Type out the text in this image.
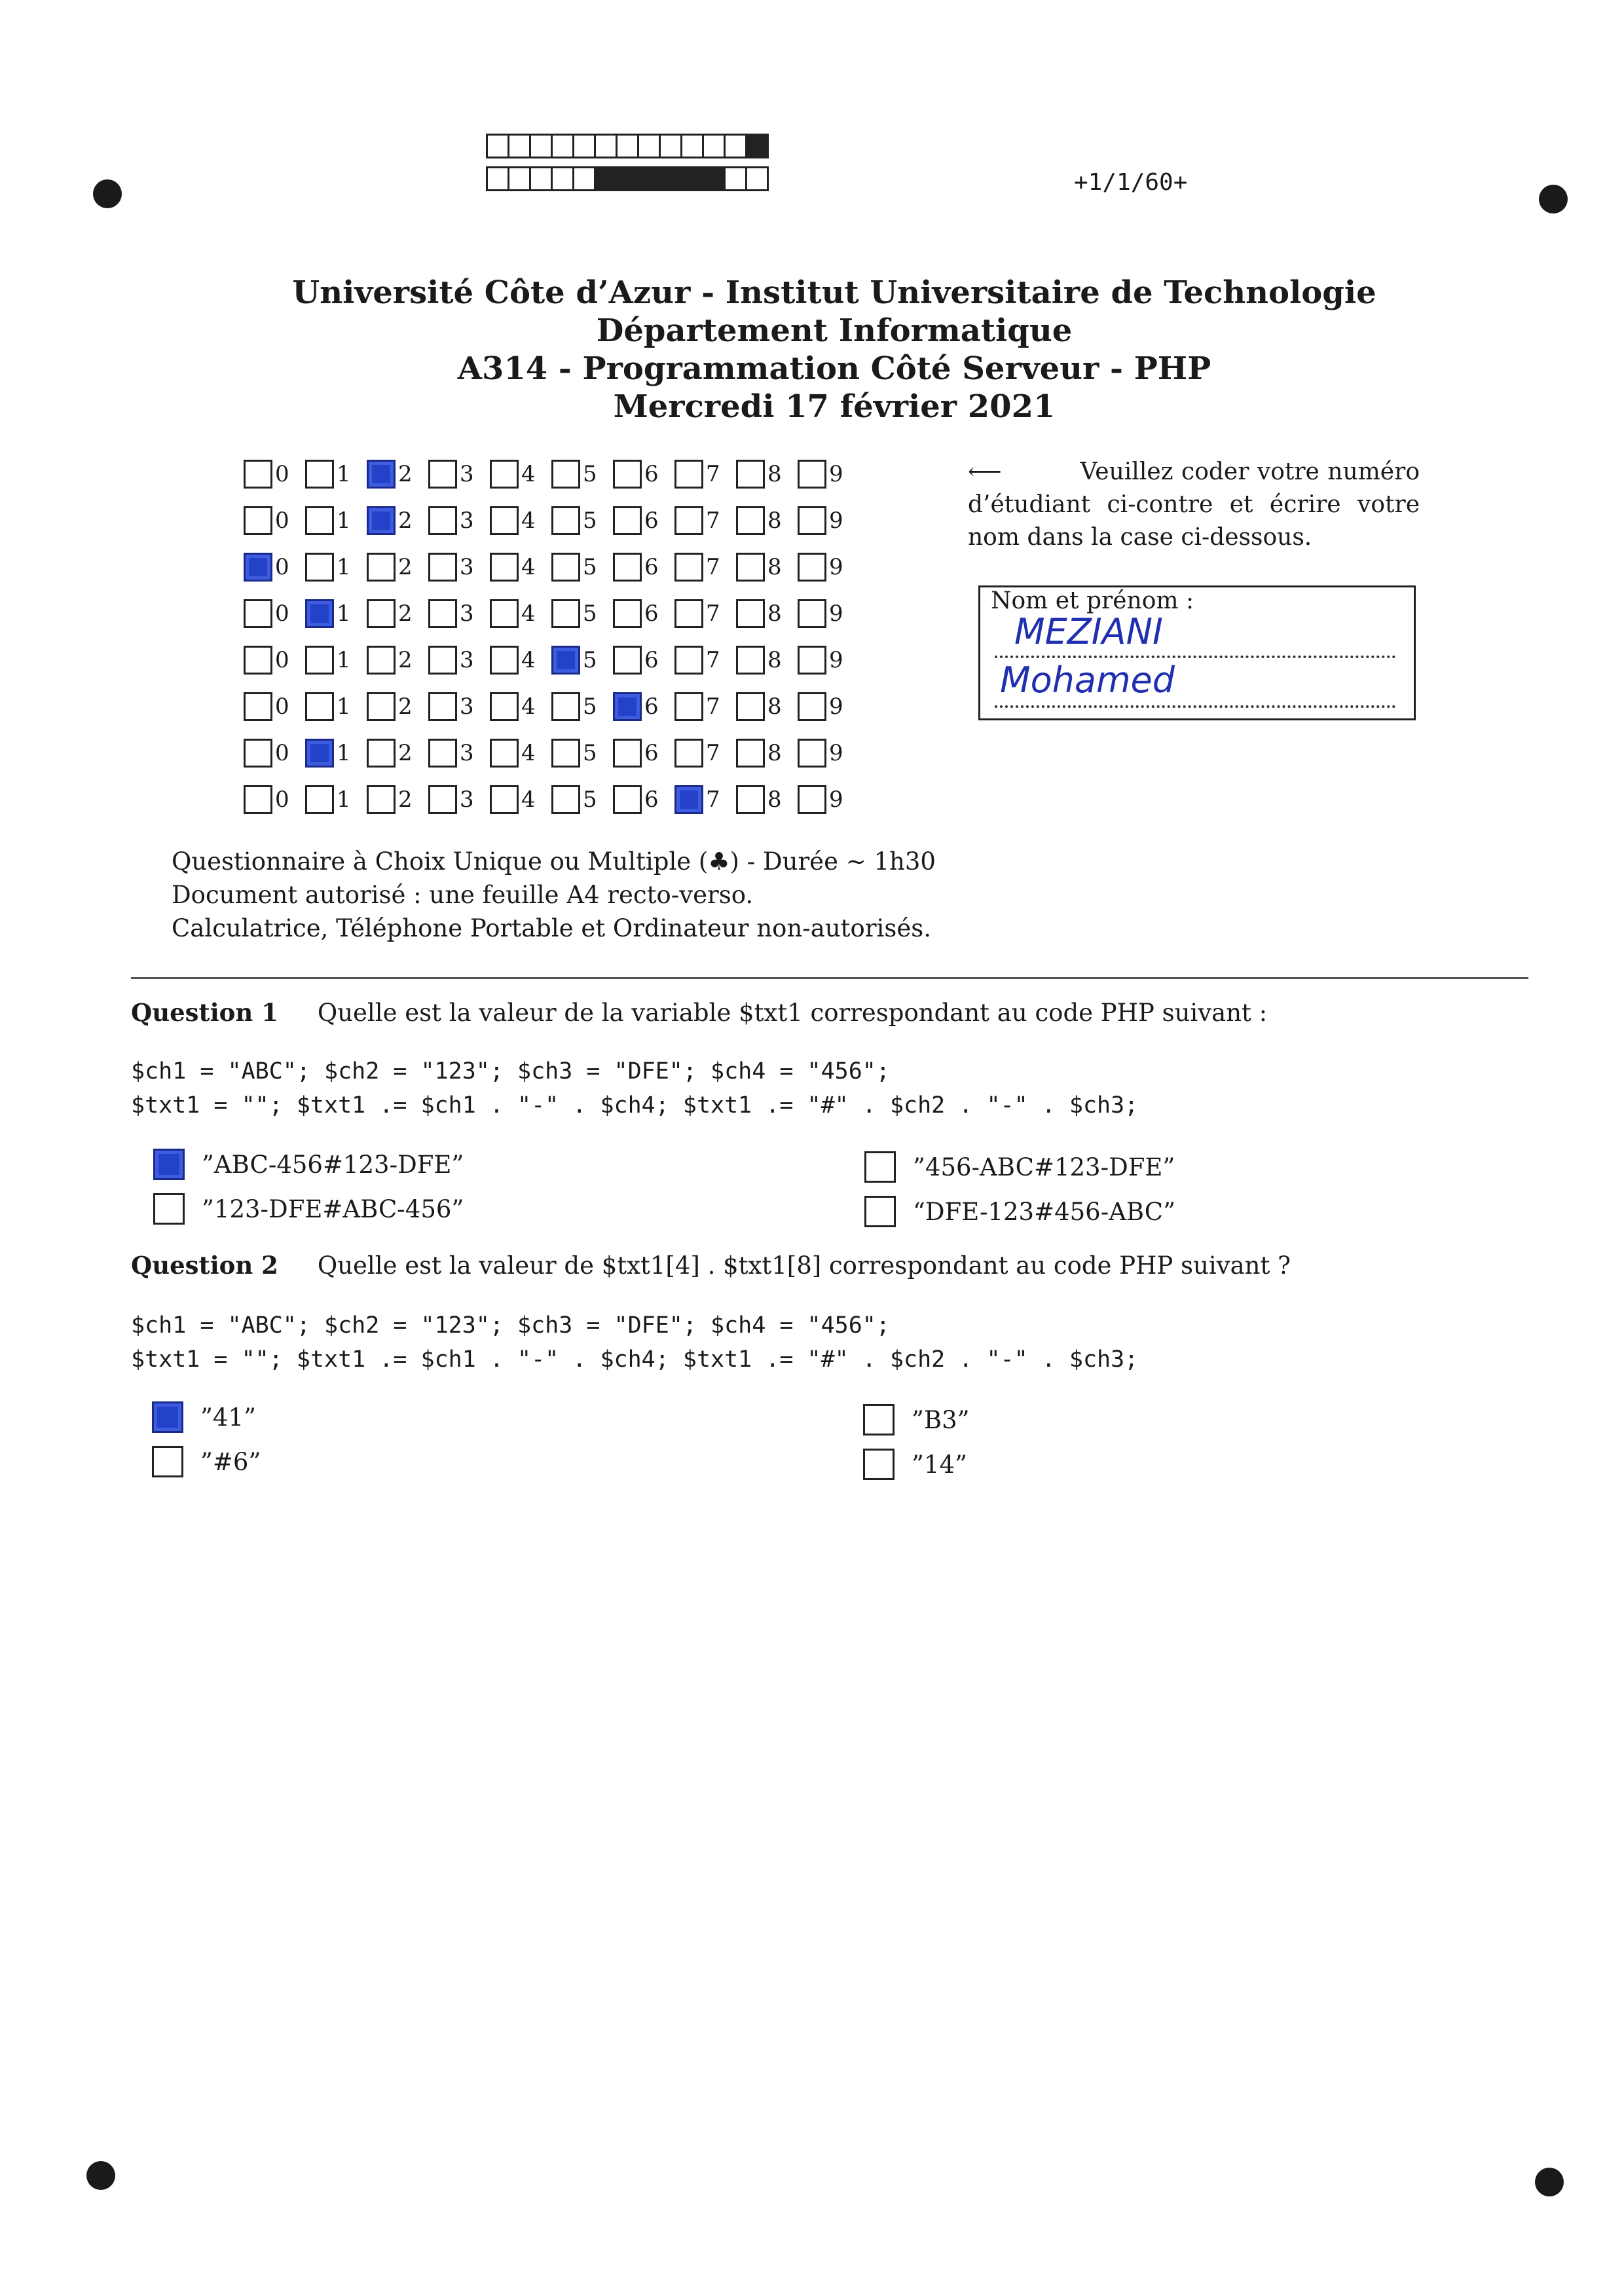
+1/1/60+
Université Côte d’Azur - Institut Universitaire de Technologie
Département Informatique
A314 - Programmation Côté Serveur - PHP
Mercredi 17 février 2021
0 1 2 3 4 5 6 7 8 9
0 1 2 3 4 5 6 7 8 9
0 1 2 3 4 5 6 7 8 9
0 1 2 3 4 5 6 7 8 9
0 1 2 3 4 5 6 7 8 9
0 1 2 3 4 5 6 7 8 9
0 1 2 3 4 5 6 7 8 9
0 1 2 3 4 5 6 7 8 9
⟵	Veuillez coder votre numéro d’étudiant ci-contre et écrire votre nom dans la case ci-dessous.
Nom et prénom :
MEZIANI
Mohamed
Questionnaire à Choix Unique ou Multiple (♣) - Durée ∼ 1h30
Document autorisé : une feuille A4 recto-verso.
Calculatrice, Téléphone Portable et Ordinateur non-autorisés.
Question 1 Quelle est la valeur de la variable $txt1 correspondant au code PHP suivant :
$ch1 = "ABC"; $ch2 = "123"; $ch3 = "DFE"; $ch4 = "456";
$txt1 = ""; $txt1 .= $ch1 . "-" . $ch4; $txt1 .= "#" . $ch2 . "-" . $ch3;
”ABC-456#123-DFE”	”456-ABC#123-DFE”
”123-DFE#ABC-456”	“DFE-123#456-ABC”
Question 2 Quelle est la valeur de $txt1[4] . $txt1[8] correspondant au code PHP suivant ?
$ch1 = "ABC"; $ch2 = "123"; $ch3 = "DFE"; $ch4 = "456";
$txt1 = ""; $txt1 .= $ch1 . "-" . $ch4; $txt1 .= "#" . $ch2 . "-" . $ch3;
”41”	”B3”
”#6”	”14”
